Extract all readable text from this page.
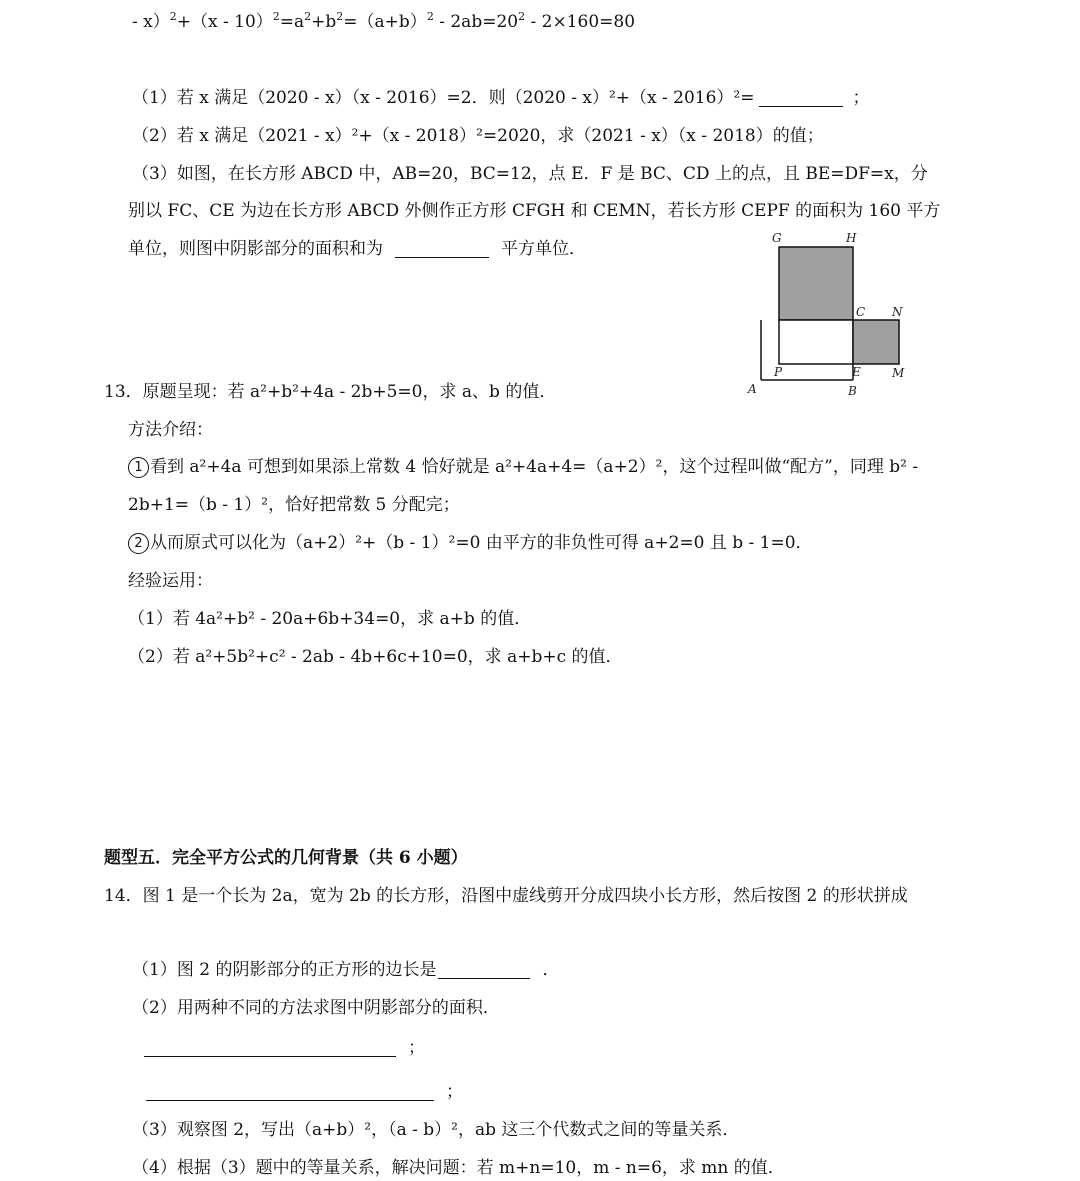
- $x)^2+(x - 10)^2=a^2+b^2=(a+b)^2 - 2ab=20^2 - 2\times 160=80$
（1）若 x 满足（2020 - x）（x - 2016）=2．则（2020 - x）²+（x - 2016）²=	；
（2）若 x 满足（2021 - x）²+（x - 2018）²=2020，求（2021 - x）（x - 2018）的值；
（3）如图，在长方形 ABCD 中，AB=20，BC=12，点 E．F 是 BC、CD 上的点，且 BE=DF=x，分
别以 FC、CE 为边在长方形 ABCD 外侧作正方形 CFGH 和 CEMN，若长方形 CEPF 的面积为 160 平方
单位，则图中阴影部分的面积和为	平方单位．
G	H
C N
P	E	M
A	B
13．原题呈现：若 a²+b²+4a - 2b+5=0，求 a、b 的值．
方法介绍：
1 看到 a²+4a 可想到如果添上常数 4 恰好就是 a²+4a+4=（a+2）²，这个过程叫做“配方”，同理 b² -
2b+1=（b - 1）²，恰好把常数 5 分配完；
2 从而原式可以化为（a+2）²+（b - 1）²=0 由平方的非负性可得 a+2=0 且 b - 1=0．
经验运用：
（1）若 4a²+b² - 20a+6b+34=0，求 a+b 的值．
（2）若 a²+5b²+c² - 2ab - 4b+6c+10=0，求 a+b+c 的值．
题型五．完全平方公式的几何背景（共 6 小题）
14．图 1 是一个长为 2a，宽为 2b 的长方形，沿图中虚线剪开分成四块小长方形，然后按图 2 的形状拼成
（1）图 2 的阴影部分的正方形的边长是	．
（2）用两种不同的方法求图中阴影部分的面积．
；
；
（3）观察图 2，写出（a+b）²，（a - b）²，ab 这三个代数式之间的等量关系．
（4）根据（3）题中的等量关系，解决问题：若 m+n=10，m - n=6，求 mn 的值．
